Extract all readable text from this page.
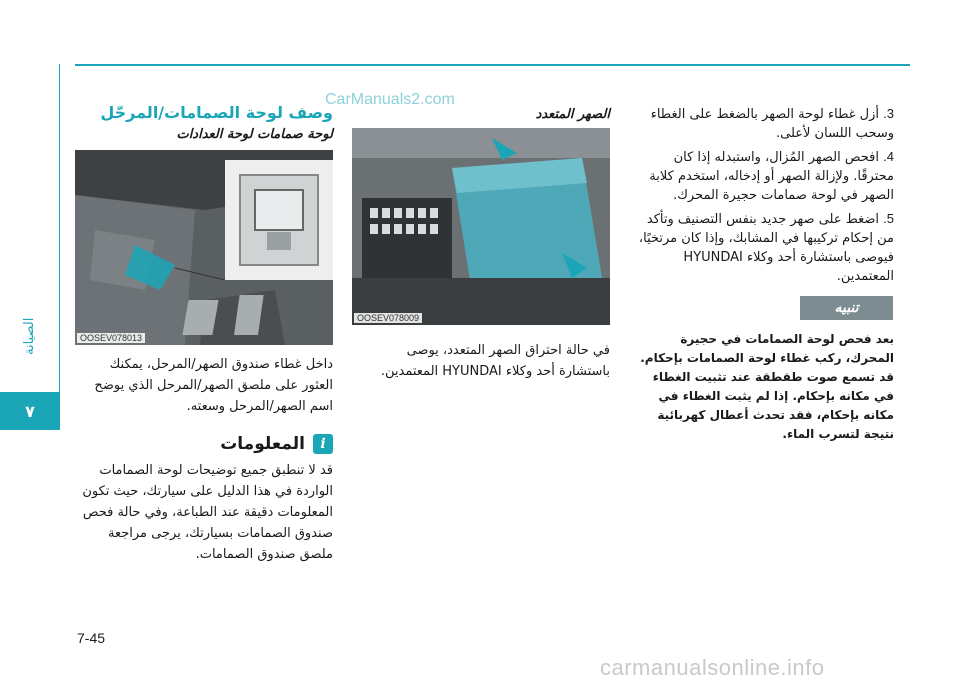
الصيانة
٧
7-45
CarManuals2.com
carmanualsonline.info
وصف لوحة الصمامات/المرحّل
لوحة صمامات لوحة العدادات
OOSEV078013
داخل غطاء صندوق الصهر/المرحل، يمكنك العثور على ملصق الصهر/المرحل الذي يوضح اسم الصهر/المرحل وسعته.
المعلومات	i
قد لا تنطبق جميع توضيحات لوحة الصمامات الواردة في هذا الدليل على سيارتك، حيث تكون المعلومات دقيقة عند الطباعة، وفي حالة فحص صندوق الصمامات بسيارتك، يرجى مراجعة ملصق صندوق الصمامات.
الصهر المتعدد
OOSEV078009
في حالة احتراق الصهر المتعدد، يوصى باستشارة أحد وكلاء HYUNDAI المعتمدين.
3. أزل غطاء لوحة الصهر بالضغط على الغطاء وسحب اللسان لأعلى.
4. افحص الصهر المُزال، واستبدله إذا كان محترقًا. ولإزالة الصهر أو إدخاله، استخدم كلابة الصهر في لوحة صمامات حجيرة المحرك.
5. اضغط على صهر جديد بنفس التصنيف وتأكد من إحكام تركيبها في المشابك، وإذا كان مرتخيًا، فيوصى باستشارة أحد وكلاء HYUNDAI المعتمدين.
تنبيه
بعد فحص لوحة الصمامات في حجيرة المحرك، ركب غطاء لوحة الصمامات بإحكام. قد تسمع صوت طقطقة عند تثبيت الغطاء في مكانه بإحكام. إذا لم يثبت الغطاء في مكانه بإحكام، فقد تحدث أعطال كهربائية نتيجة لتسرب الماء.
